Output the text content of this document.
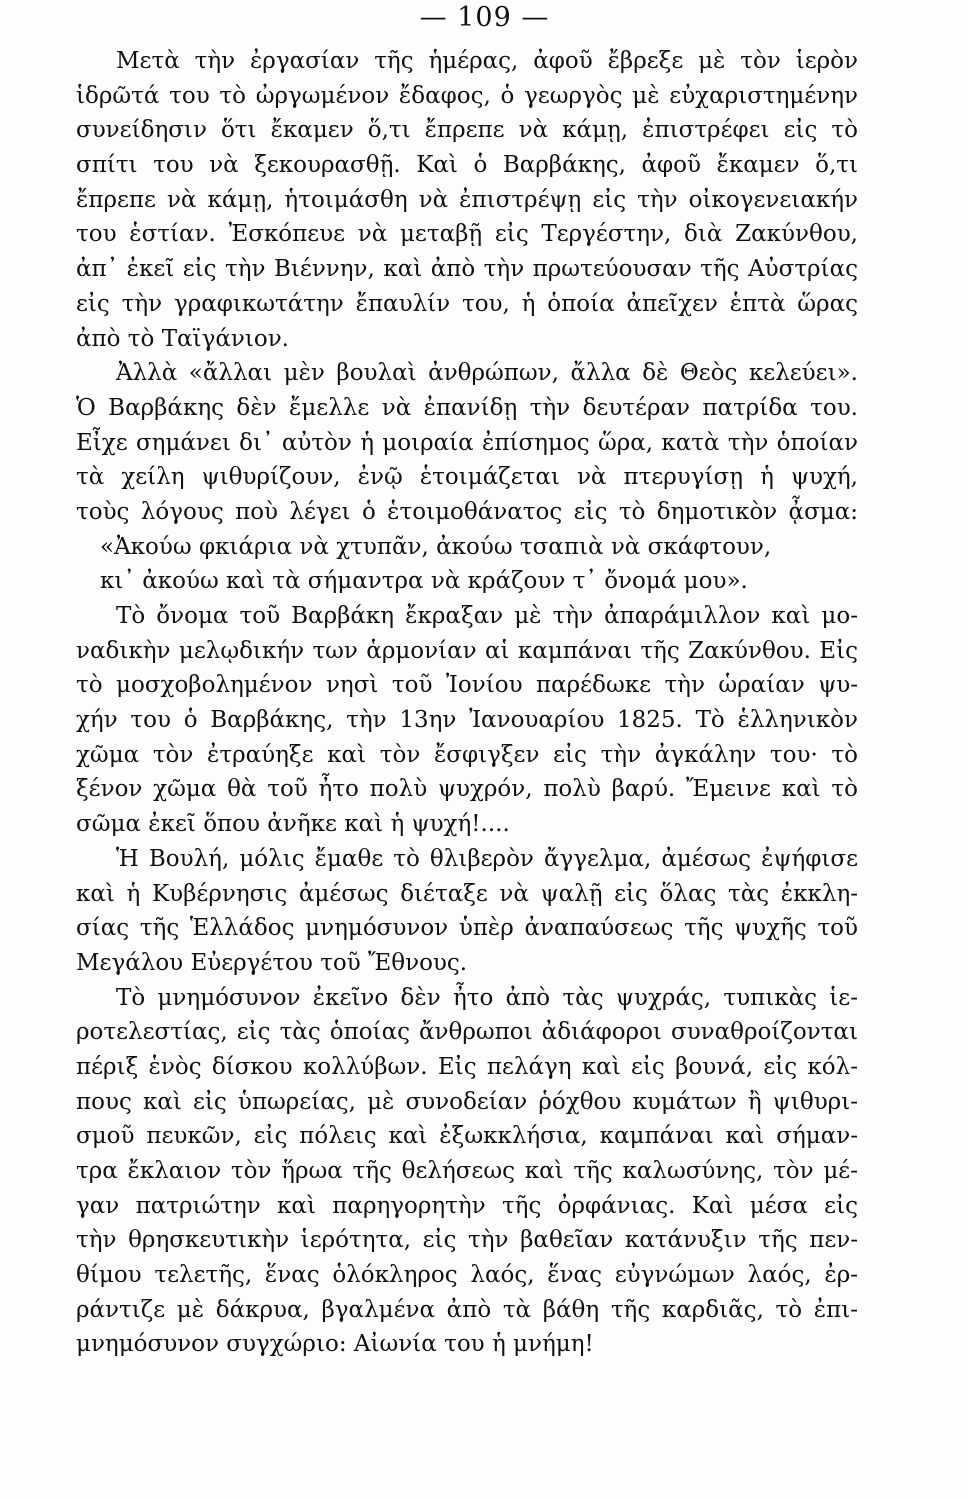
— 109 —
Μετὰ τὴν ἐργασίαν τῆς ἡμέρας, ἀφοῦ ἔβρεξε μὲ τὸν ἱερὸν
ἱδρῶτά του τὸ ὠργωμένον ἔδαφος, ὁ γεωργὸς μὲ εὐχαριστημένην
συνείδησιν ὅτι ἔκαμεν ὅ,τι ἔπρεπε νὰ κάμῃ, ἐπιστρέφει εἰς τὸ
σπίτι του νὰ ξεκουρασθῇ. Καὶ ὁ Βαρβάκης, ἀφοῦ ἔκαμεν ὅ,τι
ἔπρεπε νὰ κάμῃ, ἡτοιμάσθη νὰ ἐπιστρέψῃ εἰς τὴν οἰκογενειακήν
του ἑστίαν. Ἐσκόπευε νὰ μεταβῇ εἰς Τεργέστην, διὰ Ζακύνθου,
ἀπ᾽ ἐκεῖ εἰς τὴν Βιέννην, καὶ ἀπὸ τὴν πρωτεύουσαν τῆς Αὐστρίας
εἰς τὴν γραφικωτάτην ἔπαυλίν του, ἡ ὁποία ἀπεῖχεν ἑπτὰ ὥρας
ἀπὸ τὸ Ταϊγάνιον.
Ἀλλὰ «ἄλλαι μὲν βουλαὶ ἀνθρώπων, ἄλλα δὲ Θεὸς κελεύει».
Ὁ Βαρβάκης δὲν ἔμελλε νὰ ἐπανίδῃ τὴν δευτέραν πατρίδα του.
Εἶχε σημάνει δι᾽ αὐτὸν ἡ μοιραία ἐπίσημος ὥρα, κατὰ τὴν ὁποίαν
τὰ χείλη ψιθυρίζουν, ἐνῷ ἑτοιμάζεται νὰ πτερυγίσῃ ἡ ψυχή,
τοὺς λόγους ποὺ λέγει ὁ ἑτοιμοθάνατος εἰς τὸ δημοτικὸν ᾆσμα:
«Ἀκούω φκιάρια νὰ χτυπᾶν, ἀκούω τσαπιὰ νὰ σκάφτουν,
κι᾽ ἀκούω καὶ τὰ σήμαντρα νὰ κράζουν τ᾽ ὄνομά μου».
Τὸ ὄνομα τοῦ Βαρβάκη ἔκραξαν μὲ τὴν ἀπαράμιλλον καὶ μο-
ναδικὴν μελῳδικήν των ἁρμονίαν αἱ καμπάναι τῆς Ζακύνθου. Εἰς
τὸ μοσχοβολημένον νησὶ τοῦ Ἰονίου παρέδωκε τὴν ὡραίαν ψυ-
χήν του ὁ Βαρβάκης, τὴν 13ην Ἰανουαρίου 1825. Τὸ ἑλληνικὸν
χῶμα τὸν ἐτραύηξε καὶ τὸν ἔσφιγξεν εἰς τὴν ἀγκάλην του· τὸ
ξένον χῶμα θὰ τοῦ ἦτο πολὺ ψυχρόν, πολὺ βαρύ. Ἔμεινε καὶ τὸ
σῶμα ἐκεῖ ὅπου ἀνῆκε καὶ ἡ ψυχή!....
Ἡ Βουλή, μόλις ἔμαθε τὸ θλιβερὸν ἄγγελμα, ἀμέσως ἐψήφισε
καὶ ἡ Κυβέρνησις ἀμέσως διέταξε νὰ ψαλῇ εἰς ὅλας τὰς ἐκκλη-
σίας τῆς Ἑλλάδος μνημόσυνον ὑπὲρ ἀναπαύσεως τῆς ψυχῆς τοῦ
Μεγάλου Εὐεργέτου τοῦ Ἔθνους.
Τὸ μνημόσυνον ἐκεῖνο δὲν ἦτο ἀπὸ τὰς ψυχράς, τυπικὰς ἱε-
ροτελεστίας, εἰς τὰς ὁποίας ἄνθρωποι ἀδιάφοροι συναθροίζονται
πέριξ ἑνὸς δίσκου κολλύβων. Εἰς πελάγη καὶ εἰς βουνά, εἰς κόλ-
πους καὶ εἰς ὑπωρείας, μὲ συνοδείαν ῥόχθου κυμάτων ἢ ψιθυρι-
σμοῦ πευκῶν, εἰς πόλεις καὶ ἐξωκκλήσια, καμπάναι καὶ σήμαν-
τρα ἔκλαιον τὸν ἥρωα τῆς θελήσεως καὶ τῆς καλωσύνης, τὸν μέ-
γαν πατριώτην καὶ παρηγορητὴν τῆς ὀρφάνιας. Καὶ μέσα εἰς
τὴν θρησκευτικὴν ἱερότητα, εἰς τὴν βαθεῖαν κατάνυξιν τῆς πεν-
θίμου τελετῆς, ἕνας ὁλόκληρος λαός, ἕνας εὐγνώμων λαός, ἐρ-
ράντιζε μὲ δάκρυα, βγαλμένα ἀπὸ τὰ βάθη τῆς καρδιᾶς, τὸ ἐπι-
μνημόσυνον συγχώριο: Αἰωνία του ἡ μνήμη!
